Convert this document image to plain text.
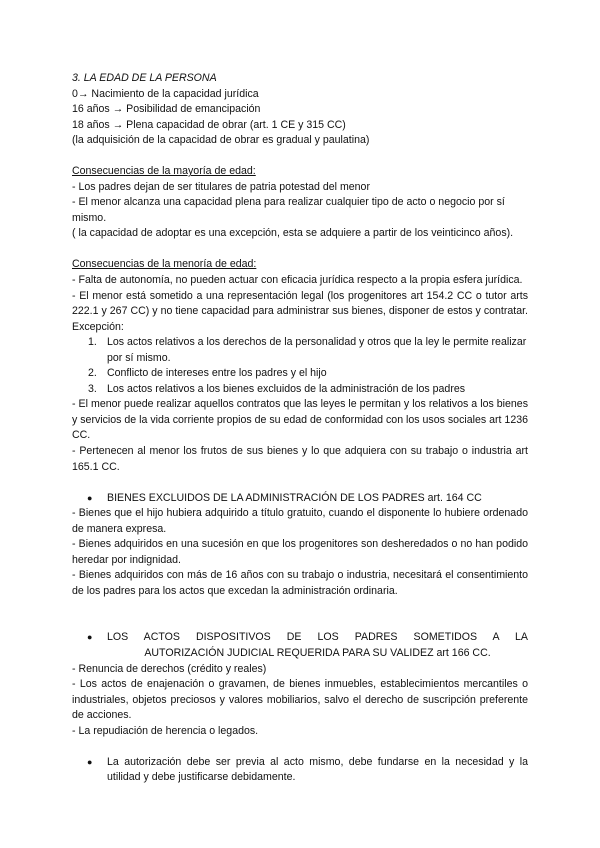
3. LA EDAD DE LA PERSONA
0→ Nacimiento de la capacidad jurídica
16 años → Posibilidad de emancipación
18 años → Plena capacidad de obrar (art. 1 CE y 315 CC)
(la adquisición de la capacidad de obrar es gradual y paulatina)
Consecuencias de la mayoría de edad:
- Los padres dejan de ser titulares de patria potestad del menor
- El menor alcanza una capacidad plena para realizar cualquier tipo de acto o negocio por sí mismo.
( la capacidad de adoptar es una excepción, esta se adquiere a partir de los veinticinco años).
Consecuencias de la menoría de edad:
- Falta de autonomía, no pueden actuar con eficacia jurídica respecto a la propia esfera jurídica.
- El menor está sometido a una representación legal (los progenitores art 154.2 CC o tutor arts 222.1 y 267 CC) y no tiene capacidad para administrar sus bienes, disponer de estos y contratar. Excepción:
1. Los actos relativos a los derechos de la personalidad y otros que la ley le permite realizar por sí mismo.
2. Conflicto de intereses entre los padres y el hijo
3. Los actos relativos a los bienes excluidos de la administración de los padres
- El menor puede realizar aquellos contratos que las leyes le permitan y los relativos a los bienes y servicios de la vida corriente propios de su edad de conformidad con los usos sociales art 1236 CC.
- Pertenecen al menor los frutos de sus bienes y lo que adquiera con su trabajo o industria art 165.1 CC.
● BIENES EXCLUIDOS DE LA ADMINISTRACIÓN DE LOS PADRES art. 164 CC
- Bienes que el hijo hubiera adquirido a título gratuito, cuando el disponente lo hubiere ordenado de manera expresa.
- Bienes adquiridos en una sucesión en que los progenitores son desheredados o no han podido heredar por indignidad.
- Bienes adquiridos con más de 16 años con su trabajo o industria, necesitará el consentimiento de los padres para los actos que excedan la administración ordinaria.
● LOS ACTOS DISPOSITIVOS DE LOS PADRES SOMETIDOS A LA
AUTORIZACIÓN JUDICIAL REQUERIDA PARA SU VALIDEZ art 166 CC.
- Renuncia de derechos (crédito y reales)
- Los actos de enajenación o gravamen, de bienes inmuebles, establecimientos mercantiles o industriales, objetos preciosos y valores mobiliarios, salvo el derecho de suscripción preferente de acciones.
- La repudiación de herencia o legados.
● La autorización debe ser previa al acto mismo, debe fundarse en la necesidad y la utilidad y debe justificarse debidamente.
